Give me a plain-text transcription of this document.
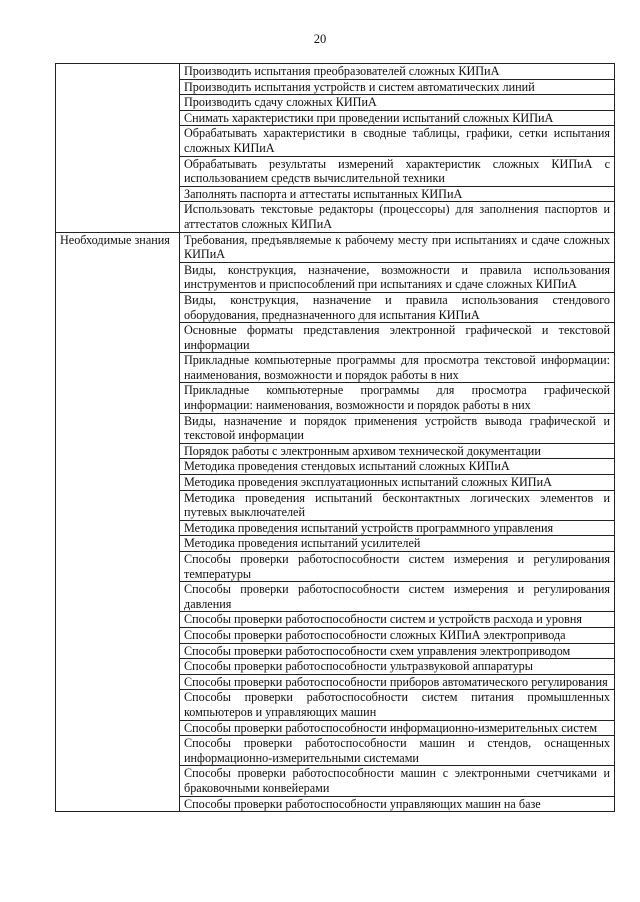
20
	Производить испытания преобразователей сложных КИПиА
	Производить испытания устройств и систем автоматических линий
	Производить сдачу сложных КИПиА
	Снимать характеристики при проведении испытаний сложных КИПиА
	Обрабатывать характеристики в сводные таблицы, графики, сетки испытания сложных КИПиА
	Обрабатывать результаты измерений характеристик сложных КИПиА с использованием средств вычислительной техники
	Заполнять паспорта и аттестаты испытанных КИПиА
	Использовать текстовые редакторы (процессоры) для заполнения паспортов и аттестатов сложных КИПиА
Необходимые знания	Требования, предъявляемые к рабочему месту при испытаниях и сдаче сложных КИПиА
	Виды, конструкция, назначение, возможности и правила использования инструментов и приспособлений при испытаниях и сдаче сложных КИПиА
	Виды, конструкция, назначение и правила использования стендового оборудования, предназначенного для испытания КИПиА
	Основные форматы представления электронной графической и текстовой информации
	Прикладные компьютерные программы для просмотра текстовой информации: наименования, возможности и порядок работы в них
	Прикладные компьютерные программы для просмотра графической информации: наименования, возможности и порядок работы в них
	Виды, назначение и порядок применения устройств вывода графической и текстовой информации
	Порядок работы с электронным архивом технической документации
	Методика проведения стендовых испытаний сложных КИПиА
	Методика проведения эксплуатационных испытаний сложных КИПиА
	Методика проведения испытаний бесконтактных логических элементов и путевых выключателей
	Методика проведения испытаний устройств программного управления
	Методика проведения испытаний усилителей
	Способы проверки работоспособности систем измерения и регулирования температуры
	Способы проверки работоспособности систем измерения и регулирования давления
	Способы проверки работоспособности систем и устройств расхода и уровня
	Способы проверки работоспособности сложных КИПиА электропривода
	Способы проверки работоспособности схем управления электроприводом
	Способы проверки работоспособности ультразвуковой аппаратуры
	Способы проверки работоспособности приборов автоматического регулирования
	Способы проверки работоспособности систем питания промышленных компьютеров и управляющих машин
	Способы проверки работоспособности информационно-измерительных систем
	Способы проверки работоспособности машин и стендов, оснащенных информационно-измерительными системами
	Способы проверки работоспособности машин с электронными счетчиками и браковочными конвейерами
	Способы проверки работоспособности управляющих машин на базе
